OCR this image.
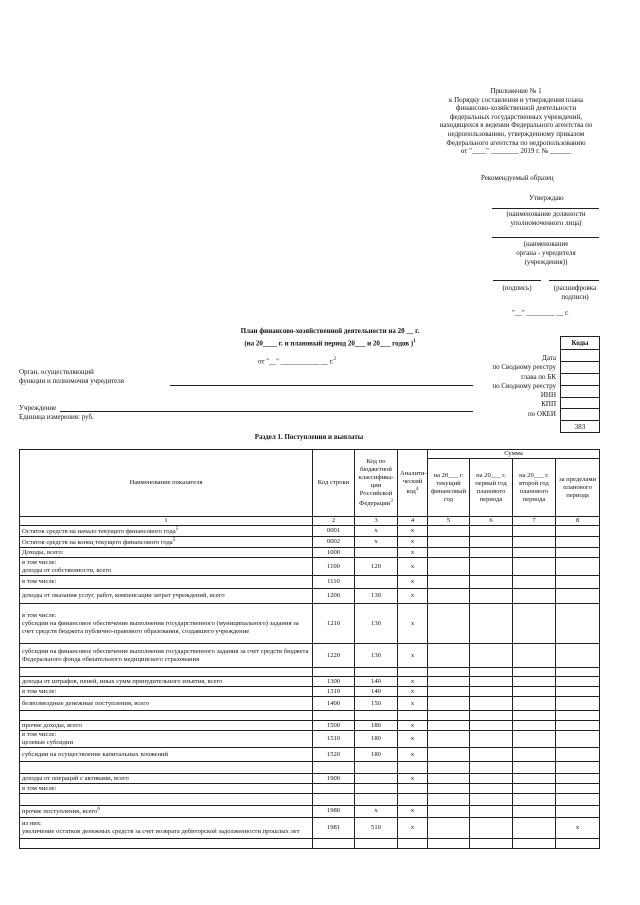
Приложение № 1
к Порядку составления и утверждения плана
финансово-хозяйственной деятельности
федеральных государственных учреждений,
находящихся в ведении Федерального агентства по
недропользованию, утвержденному приказом
Федерального агентства по недропользованию
от "____" ________ 2019 г. № ______
Рекомендуемый образец
Утверждаю
(наименование должности
уполномоченного лица)
(наименование
органа - учредителя
(учреждения))
(подпись)	(расшифровка
подписи)
"__" ________ __ г.
План финансово-хозяйственной деятельности на 20 __ г.
(на 20____ г. и плановый период 20___ и 20___ годов )$^1$
от "__" ___________ __ г.$^2$
Коды

383
Дата
по Сводному реестру
глава по БК
по Сводному реестру
ИНН
КПП
по ОКЕИ
Орган, осуществляющий
функции и полномочия учредителя
Учреждение
Единица измерения: руб.
Раздел 1. Поступления и выплаты
Наименование показателя	Код строки	Код по бюджетной классифика-ции Российской Федерации$^3$	Аналити-ческий код$^4$	Сумма			
				на 20___ г. текущий финансовый год	на 20___ г. первый год планового периода	на 20___ г. второй год планового периода	за пределами планового периода

1	2	3	4	5	6	7	8
Остаток средств на начало текущего финансового года$^5$	0001	x	x				
Остаток средств на конец текущего финансового года$^5$	0002	x	x				
Доходы, всего:	1000		x				
в том числе:
доходы от собственности, всего	1100	120	x				
в том числе:	1110		x				
доходы от оказания услуг, работ, компенсации затрат учреждений, всего	1200	130	x				
в том числе:
субсидии на финансовое обеспечение выполнения государственного (муниципального) задания за счет средств бюджета публично-правового образования, создавшего учреждение	1210	130	x				
субсидии на финансовое обеспечение выполнения государственного задания за счет средств бюджета Федерального фонда обязательного медицинского страхования	1220	130	x				

доходы от штрафов, пеней, иных сумм принудительного изъятия, всего	1300	140	x				
в том числе:	1310	140	x				
безвозмездные денежные поступления, всего	1400	150	x				

прочие доходы, всего	1500	180	x				
в том числе:
целевые субсидии	1510	180	x				
субсидии на осуществление капитальных вложений	1520	180	x				

доходы от операций с активами, всего	1900		x				
в том числе:							

прочие поступления, всего$^6$	1980	x	x				
из них:
увеличение остатков денежных средств за счет возврата дебиторской задолженности прошлых лет	1981	510	x				x
